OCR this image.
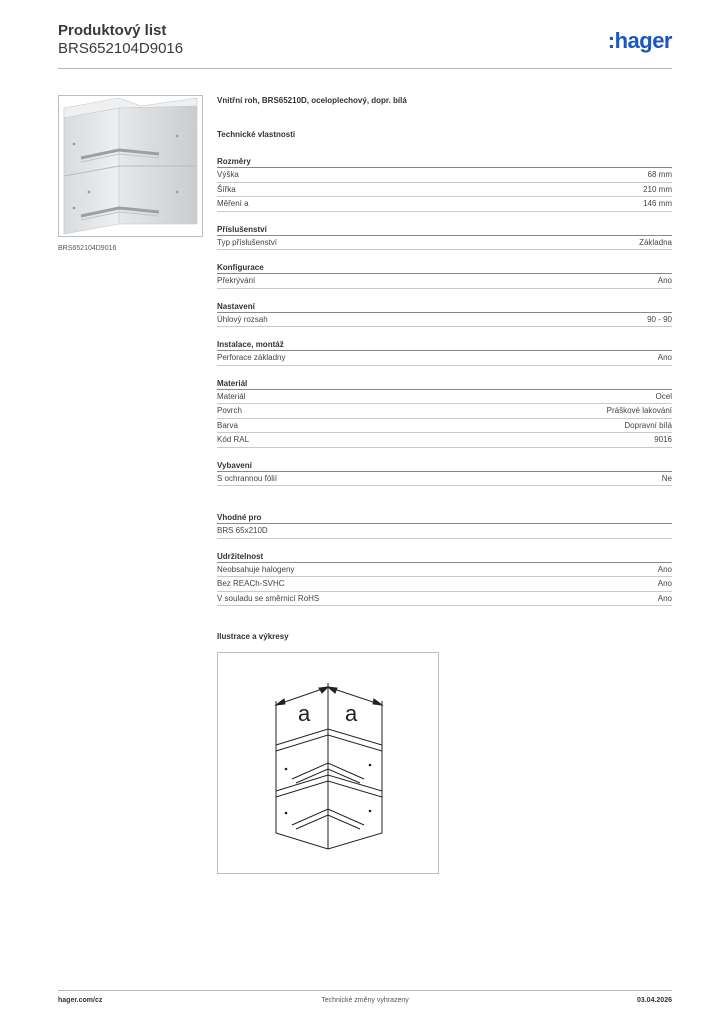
Produktový list
BRS652104D9016	:hager
BRS652104D9016
Vnitřní roh, BRS65210D, oceloplechový, dopr. bílá
Technické vlastnosti
Rozměry
Výška	68 mm
Šířka	210 mm
Měření a	146 mm
Příslušenství
Typ příslušenství	Základna
Konfigurace
Překrývání	Ano
Nastavení
Úhlový rozsah	90 - 90
Instalace, montáž
Perforace základny	Ano
Materiál
Materiál	Ocel
Povrch	Práškové lakování
Barva	Dopravní bílá
Kód RAL	9016
Vybavení
S ochrannou fólií	Ne
Vhodné pro
BRS 65x210D
Udržitelnost
Neobsahuje halogeny	Ano
Bez REACh-SVHC	Ano
V souladu se směrnicí RoHS	Ano
Ilustrace a výkresy
a a
Technické změny vyhrazeny
hager.com/cz	03.04.2026
